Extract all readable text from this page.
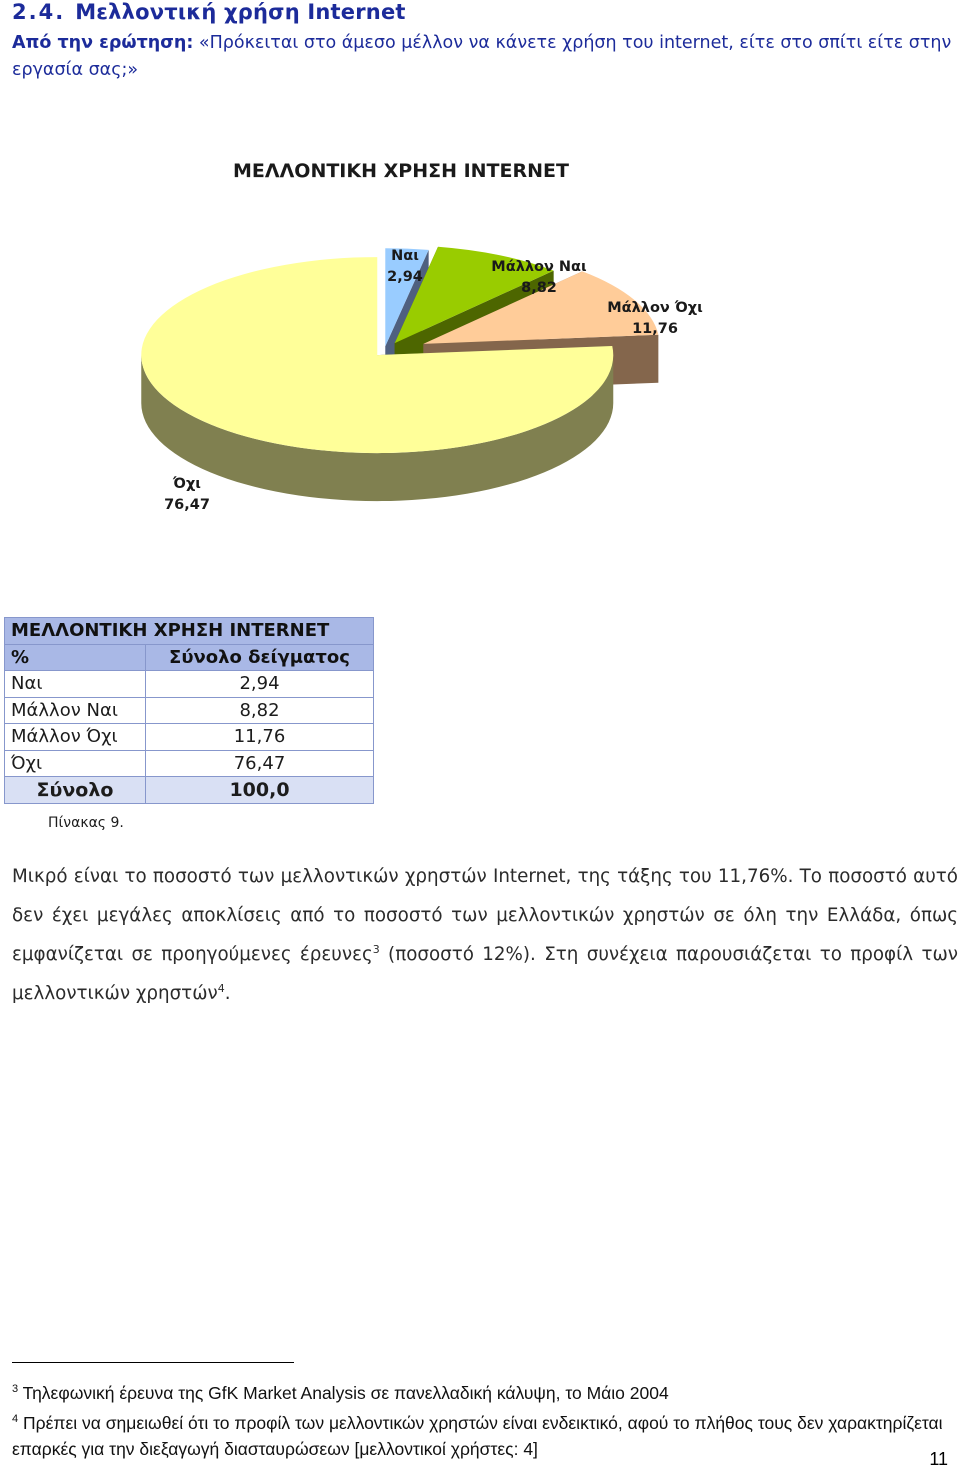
2.4. Μελλοντική χρήση Internet
Από την ερώτηση: «Πρόκειται στο άμεσο μέλλον να κάνετε χρήση του internet, είτε στο σπίτι είτε στην εργασία σας;»
ΜΕΛΛΟΝΤΙΚΗ ΧΡΗΣΗ INTERNET
Ναι
2,94
Μάλλον Ναι
8,82
Μάλλον Όχι
11,76
Όχι
76,47
ΜΕΛΛΟΝΤΙΚΗ ΧΡΗΣΗ INTERNET	
%	Σύνολο δείγματος
Ναι	2,94
Μάλλον Ναι	8,82
Μάλλον Όχι	11,76
Όχι	76,47
Σύνολο	100,0
Πίνακας 9.
Μικρό είναι το ποσοστό των μελλοντικών χρηστών Internet, της τάξης του 11,76%. Το ποσοστό αυτό δεν έχει μεγάλες αποκλίσεις από το ποσοστό των μελλοντικών χρηστών σε όλη την Ελλάδα, όπως εμφανίζεται σε προηγούμενες έρευνες$^3$ (ποσοστό 12%). Στη συνέχεια παρουσιάζεται το προφίλ των μελλοντικών χρηστών$^4$.

$^3$ Τηλεφωνική έρευνα της GfK Market Analysis σε πανελλαδική κάλυψη, το Μάιο 2004

$^4$ Πρέπει να σημειωθεί ότι το προφίλ των μελλοντικών χρηστών είναι ενδεικτικό, αφού το πλήθος τους δεν χαρακτηρίζεται επαρκές για την διεξαγωγή διασταυρώσεων [μελλοντικοί χρήστες: 4]

11
